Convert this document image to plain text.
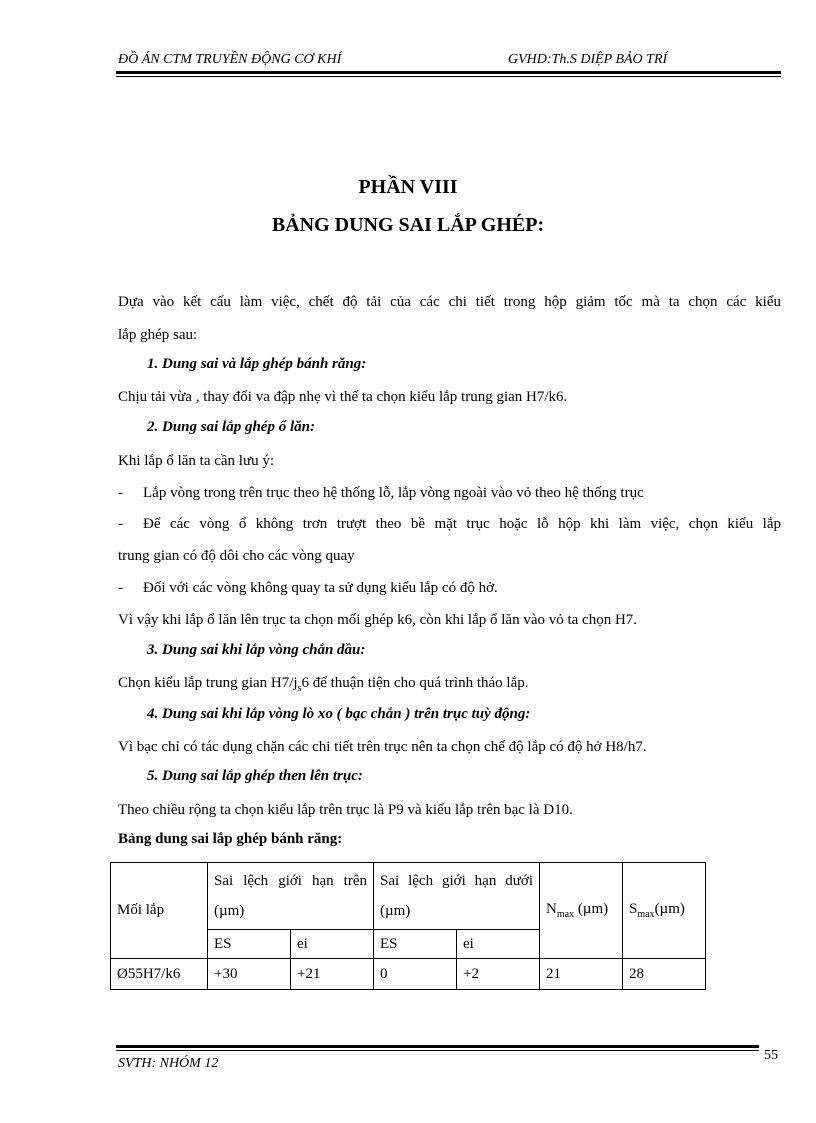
ĐỒ ÁN CTM TRUYỀN ĐỘNG CƠ KHÍ	GVHD:Th.S DIỆP BẢO TRÍ
PHẦN VIII
BẢNG DUNG SAI LẮP GHÉP:
Dựa vào kết cấu làm việc, chết độ tải của các chi tiết trong hộp giảm tốc mà ta chọn các kiểu
lắp ghép sau:
1. Dung sai và lắp ghép bánh răng:
Chịu tải vừa , thay đổi va đập nhẹ vì thế ta chọn kiểu lắp trung gian H7/k6.
2. Dung sai lắp ghép ổ lăn:
Khi lắp ổ lăn ta cần lưu ý:
- Lắp vòng trong trên trục theo hệ thống lỗ, lắp vòng ngoài vào vỏ theo hệ thống trục
- Để các vòng ổ không trơn trượt theo bề mặt trục hoặc lỗ hộp khi làm việc, chọn kiểu lắp
trung gian có độ dôi cho các vòng quay
- Đối với các vòng không quay ta sử dụng kiểu lắp có độ hở.
Vì vậy khi lắp ổ lăn lên trục ta chọn mối ghép k6, còn khi lắp ổ lăn vào vỏ ta chọn H7.
3. Dung sai khi lắp vòng chắn dầu:
Chọn kiểu lắp trung gian $H7/j_s6$ để thuận tiện cho quá trình tháo lắp.
4. Dung sai khi lắp vòng lò xo ( bạc chắn ) trên trục tuỳ động:
Vì bạc chỉ có tác dụng chặn các chi tiết trên trục nên ta chọn chế độ lắp có độ hở H8/h7.
5. Dung sai lắp ghép then lên trục:
Theo chiều rộng ta chọn kiểu lắp trên trục là P9 và kiểu lắp trên bạc là D10.
Bảng dung sai lắp ghép bánh răng:
Mối lắp	Sai lệch giới hạn trên (µm)		Sai lệch giới hạn dưới (µm)		$N_{max}$ (µm)	$S_{max}(\mu m)$
	ES	ei	ES	ei		
Ø55H7/k6	+30	+21	0	+2	21	28
SVTH: NHÓM 12
55
